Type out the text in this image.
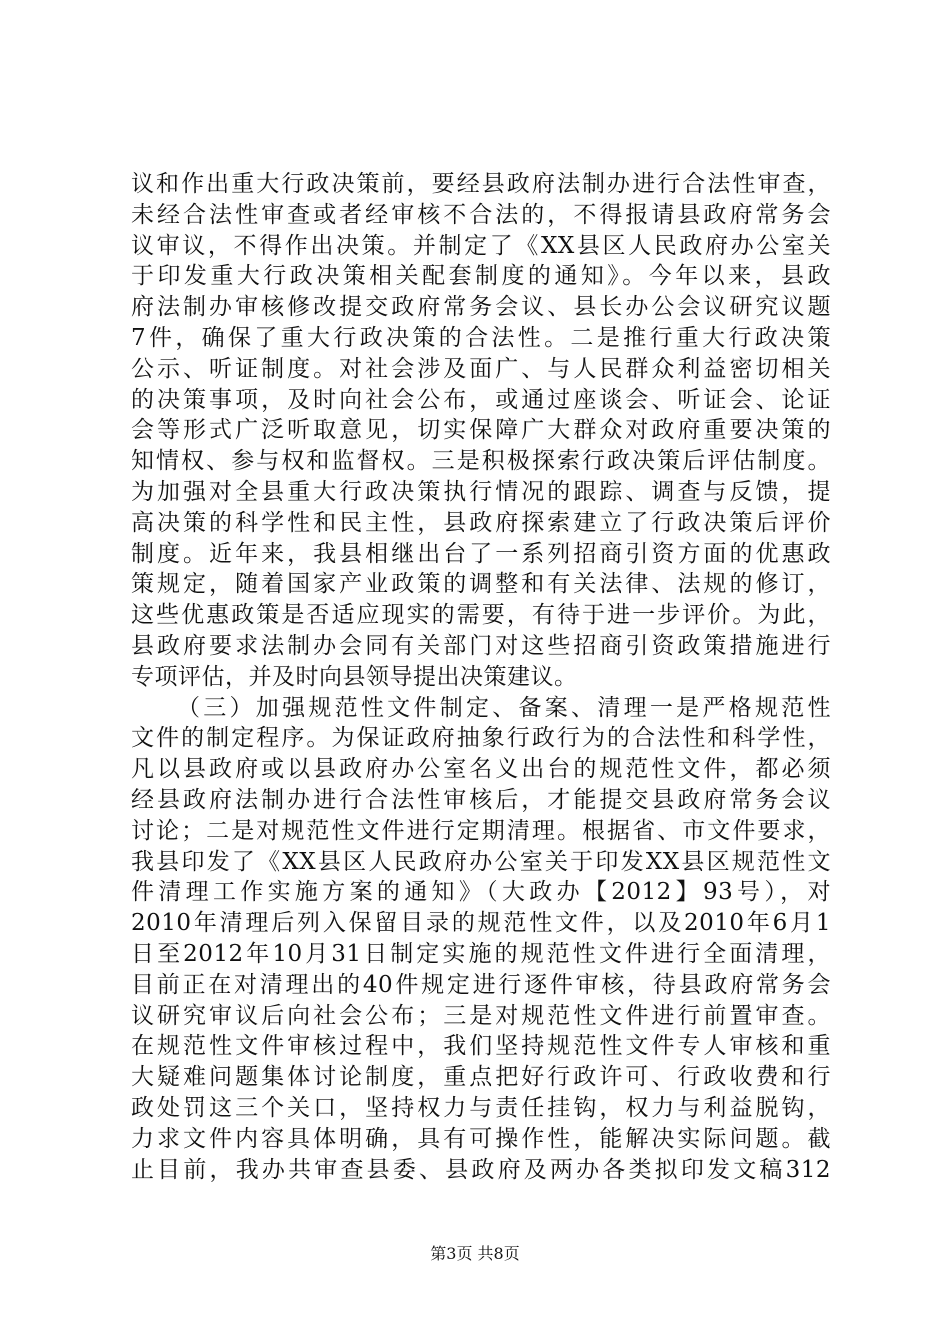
议和作出重大行政决策前，要经县政府法制办进行合法性审查，
未经合法性审查或者经审核不合法的，不得报请县政府常务会
议审议，不得作出决策。并制定了《XX县区人民政府办公室关
于印发重大行政决策相关配套制度的通知》。今年以来，县政
府法制办审核修改提交政府常务会议、县长办公会议研究议题
7件，确保了重大行政决策的合法性。二是推行重大行政决策
公示、听证制度。对社会涉及面广、与人民群众利益密切相关
的决策事项，及时向社会公布，或通过座谈会、听证会、论证
会等形式广泛听取意见，切实保障广大群众对政府重要决策的
知情权、参与权和监督权。三是积极探索行政决策后评估制度。
为加强对全县重大行政决策执行情况的跟踪、调查与反馈，提
高决策的科学性和民主性，县政府探索建立了行政决策后评价
制度。近年来，我县相继出台了一系列招商引资方面的优惠政
策规定，随着国家产业政策的调整和有关法律、法规的修订，
这些优惠政策是否适应现实的需要，有待于进一步评价。为此，
县政府要求法制办会同有关部门对这些招商引资政策措施进行
专项评估，并及时向县领导提出决策建议。
（三）加强规范性文件制定、备案、清理一是严格规范性
文件的制定程序。为保证政府抽象行政行为的合法性和科学性，
凡以县政府或以县政府办公室名义出台的规范性文件，都必须
经县政府法制办进行合法性审核后，才能提交县政府常务会议
讨论；二是对规范性文件进行定期清理。根据省、市文件要求，
我县印发了《XX县区人民政府办公室关于印发XX县区规范性文
件清理工作实施方案的通知》（大政办【2012】93号），对
2010年清理后列入保留目录的规范性文件，以及2010年6月1
日至2012年10月31日制定实施的规范性文件进行全面清理，
目前正在对清理出的40件规定进行逐件审核，待县政府常务会
议研究审议后向社会公布；三是对规范性文件进行前置审查。
在规范性文件审核过程中，我们坚持规范性文件专人审核和重
大疑难问题集体讨论制度，重点把好行政许可、行政收费和行
政处罚这三个关口，坚持权力与责任挂钩，权力与利益脱钩，
力求文件内容具体明确，具有可操作性，能解决实际问题。截
止目前，我办共审查县委、县政府及两办各类拟印发文稿312
第3页 共8页
